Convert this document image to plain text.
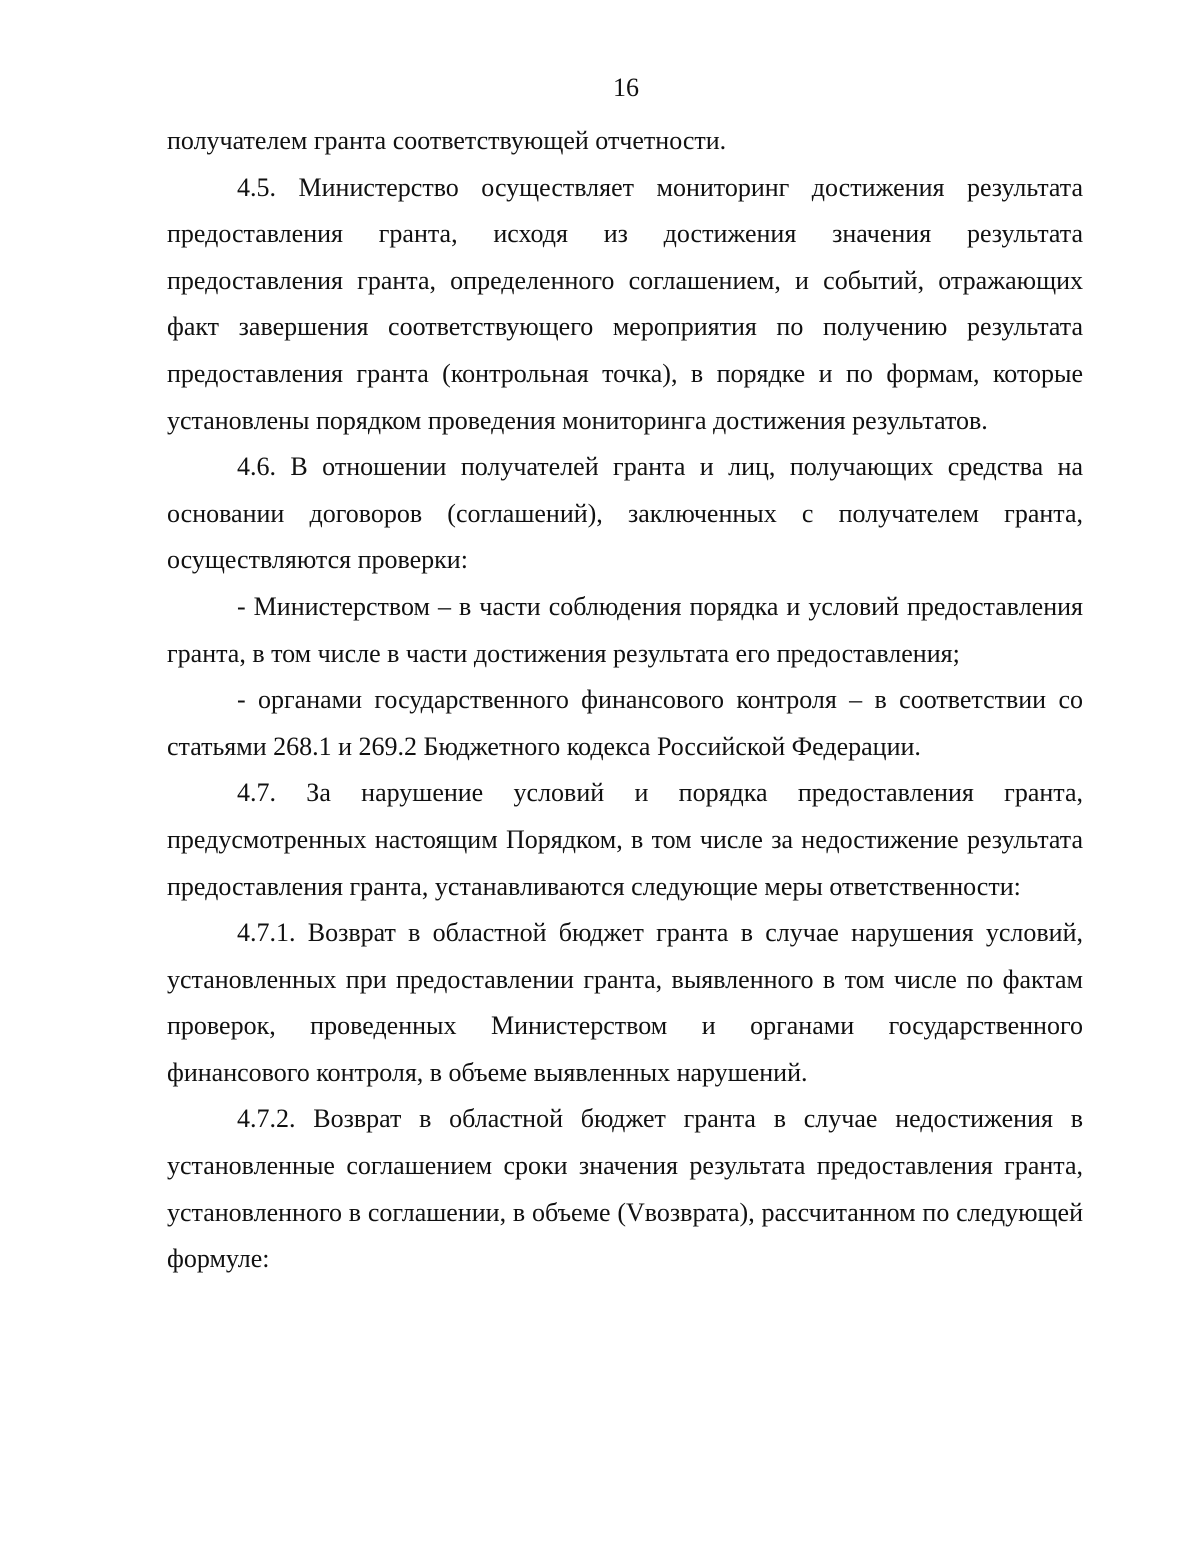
16

получателем гранта соответствующей отчетности.

4.5. Министерство осуществляет мониторинг достижения результата предоставления гранта, исходя из достижения значения результата предоставления гранта, определенного соглашением, и событий, отражающих факт завершения соответствующего мероприятия по получению результата предоставления гранта (контрольная точка), в порядке и по формам, которые установлены порядком проведения мониторинга достижения результатов.

4.6. В отношении получателей гранта и лиц, получающих средства на основании договоров (соглашений), заключенных с получателем гранта, осуществляются проверки:

- Министерством – в части соблюдения порядка и условий предоставления гранта, в том числе в части достижения результата его предоставления;

- органами государственного финансового контроля – в соответствии со статьями 268.1 и 269.2 Бюджетного кодекса Российской Федерации.

4.7. За нарушение условий и порядка предоставления гранта, предусмотренных настоящим Порядком, в том числе за недостижение результата предоставления гранта, устанавливаются следующие меры ответственности:

4.7.1. Возврат в областной бюджет гранта в случае нарушения условий, установленных при предоставлении гранта, выявленного в том числе по фактам проверок, проведенных Министерством и органами государственного финансового контроля, в объеме выявленных нарушений.

4.7.2. Возврат в областной бюджет гранта в случае недостижения в установленные соглашением сроки значения результата предоставления гранта, установленного в соглашении, в объеме (Vвозврата), рассчитанном по следующей формуле:
